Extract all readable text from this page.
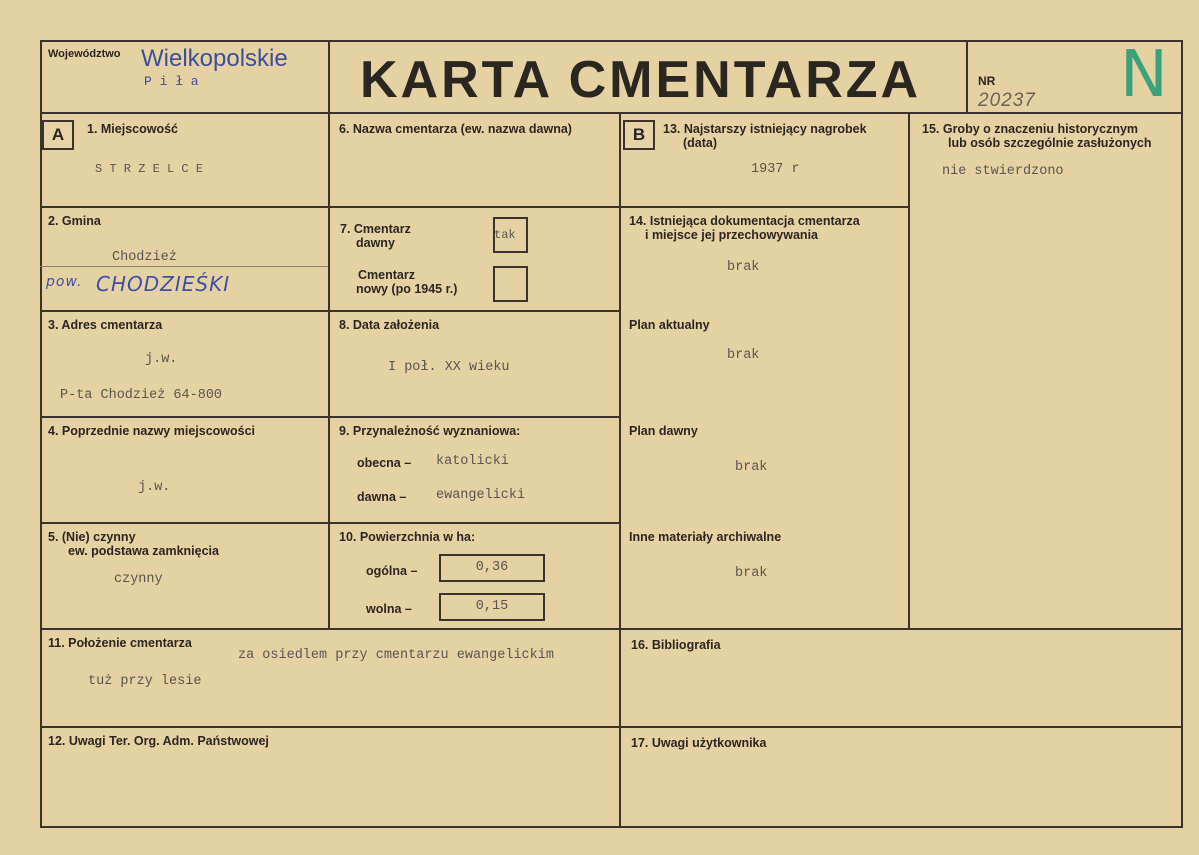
Województwo Wielkopolskie
P i ł a	KARTA CMENTARZA	NR
20237 N
A	1. Miejscowość
S T R Z E L C E
2. Gmina
Chodzież
pow. CHODZIEŚKI
3. Adres cmentarza
j.w.
P-ta Chodzież 64-800
4. Poprzednie nazwy miejscowości
j.w.
5. (Nie) czynny
ew. podstawa zamknięcia
czynny
6. Nazwa cmentarza (ew. nazwa dawna)
7. Cmentarz
dawny
tak
Cmentarz
nowy (po 1945 r.)
8. Data założenia
I poł. XX wieku
9. Przynależność wyznaniowa:
obecna – katolicki
dawna – ewangelicki
10. Powierzchnia w ha:
ogólna –	0,36
wolna –	0,15
B	13. Najstarszy istniejący nagrobek
(data)
1937 r
14. Istniejąca dokumentacja cmentarza
i miejsce jej przechowywania
brak
Plan aktualny
brak
Plan dawny
brak
Inne materiały archiwalne
brak
15. Groby o znaczeniu historycznym
lub osób szczególnie zasłużonych
nie stwierdzono
11. Położenie cmentarza
za osiedlem przy cmentarzu ewangelickim
tuż przy lesie
16. Bibliografia
12. Uwagi Ter. Org. Adm. Państwowej	17. Uwagi użytkownika
